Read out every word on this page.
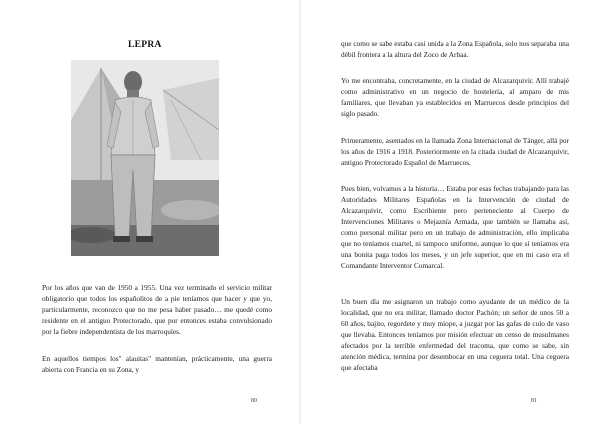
LEPRA

Por los años que van de 1950 a 1955. Una vez terminado el servicio militar obligatorio que todos los españolitos de a pie teníamos que hacer y que yo, particularmente, reconozco que no me pesa haber pasado… me quedé como residente en el antiguo Protectorado, que por entonces estaba convulsionado por la fiebre independentista de los marroquíes.

En aquellos tiempos los" alauitas" mantenían, prácticamente, una guerra abierta con Francia en su Zona, y

80

que como se sabe estaba casi unida a la Zona Española, solo nos separaba una débil frontera a la altura del Zoco de Arbaa.

Yo me encontraba, concretamente, en la ciudad de Alcazarquivir. Allí trabajé como administrativo en un negocio de hostelería, al amparo de mis familiares, que llevaban ya establecidos en Marruecos desde principios del siglo pasado.

Primeramente, asentados en la llamada Zona Internacional de Tánger, allá por los años de 1916 a 1918. Posteriormente en la citada ciudad de Alcazarquivir, antiguo Protectorado Español de Marruecos.

Pues bien, volvamos a la historia… Estaba por esas fechas trabajando para las Autoridades Militares Españolas en la Intervención de ciudad de Alcazarquivir, como Escribiente pero perteneciente al Cuerpo de Intervenciones Militares o Mejaznía Armada, que también se llamaba así, como personal militar pero en un trabajo de administración, ello implicaba que no teníamos cuartel, ni tampoco uniforme, aunque lo que sí teníamos era una bonita paga todos los meses, y un jefe superior, que en mi caso era el Comandante Interventor Comarcal.

Un buen día me asignaron un trabajo como ayudante de un médico de la localidad, que no era militar, llamado doctor Pachón; un señor de unos 50 a 60 años, bajito, regordete y muy miope, a juzgar por las gafas de culo de vaso que llevaba. Entonces teníamos por misión efectuar un censo de musulmanes afectados por la terrible enfermedad del tracoma, que como se sabe, sin atención médica, termina por desembocar en una ceguera total. Una ceguera que afectaba

81
